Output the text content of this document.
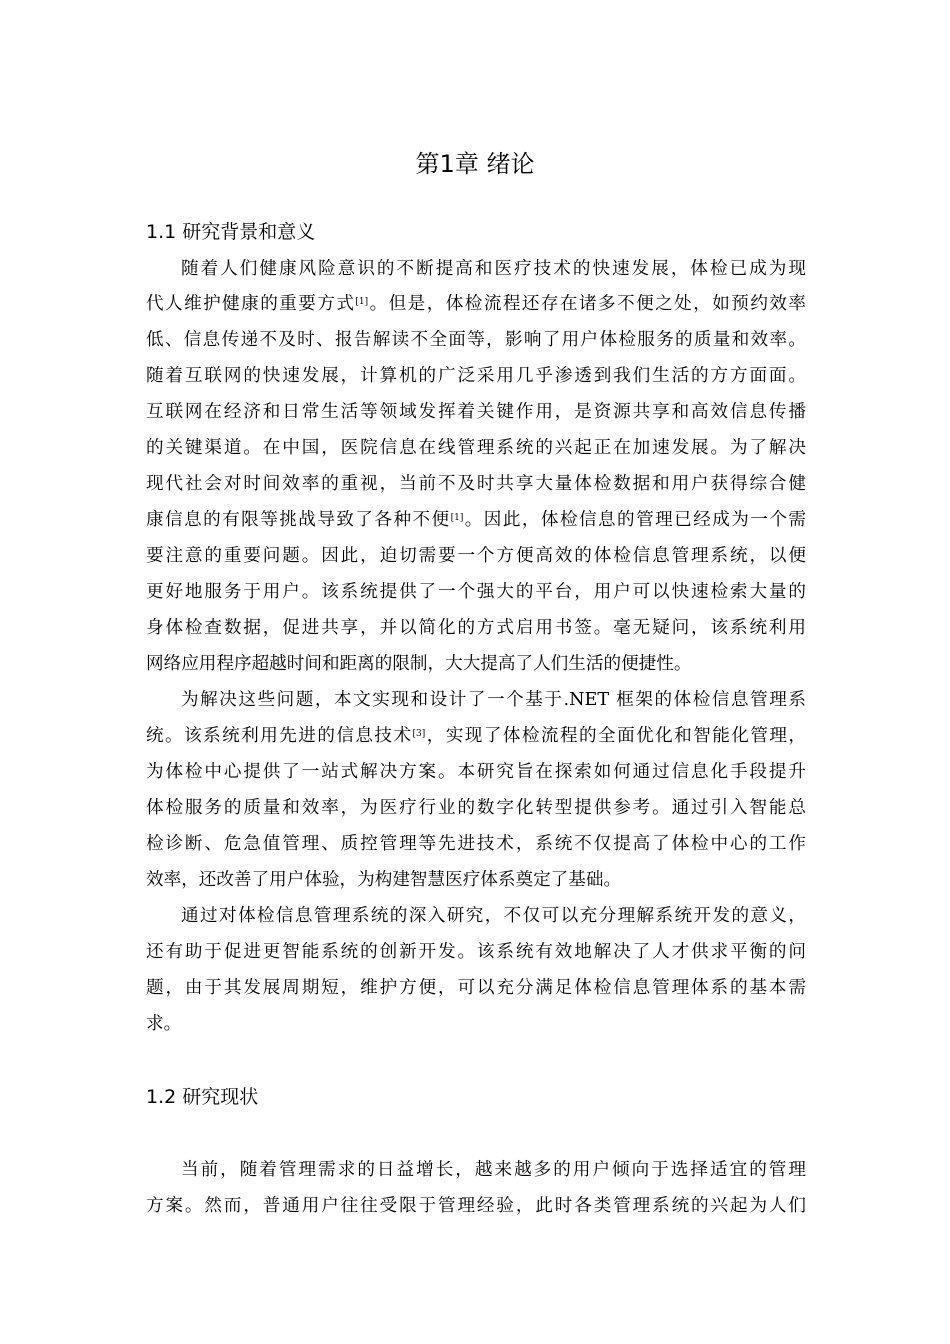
第1章 绪论
1.1 研究背景和意义
随着人们健康风险意识的不断提高和医疗技术的快速发展，体检已成为现
代人维护健康的重要方式[1]。但是，体检流程还存在诸多不便之处，如预约效率
低、信息传递不及时、报告解读不全面等，影响了用户体检服务的质量和效率。
随着互联网的快速发展，计算机的广泛采用几乎渗透到我们生活的方方面面。
互联网在经济和日常生活等领域发挥着关键作用，是资源共享和高效信息传播
的关键渠道。在中国，医院信息在线管理系统的兴起正在加速发展。为了解决
现代社会对时间效率的重视，当前不及时共享大量体检数据和用户获得综合健
康信息的有限等挑战导致了各种不便[1]。因此，体检信息的管理已经成为一个需
要注意的重要问题。因此，迫切需要一个方便高效的体检信息管理系统，以便
更好地服务于用户。该系统提供了一个强大的平台，用户可以快速检索大量的
身体检查数据，促进共享，并以简化的方式启用书签。毫无疑问，该系统利用
网络应用程序超越时间和距离的限制，大大提高了人们生活的便捷性。
为解决这些问题，本文实现和设计了一个基于.NET 框架的体检信息管理系
统。该系统利用先进的信息技术[3]，实现了体检流程的全面优化和智能化管理，
为体检中心提供了一站式解决方案。本研究旨在探索如何通过信息化手段提升
体检服务的质量和效率，为医疗行业的数字化转型提供参考。通过引入智能总
检诊断、危急值管理、质控管理等先进技术，系统不仅提高了体检中心的工作
效率，还改善了用户体验，为构建智慧医疗体系奠定了基础。
通过对体检信息管理系统的深入研究，不仅可以充分理解系统开发的意义，
还有助于促进更智能系统的创新开发。该系统有效地解决了人才供求平衡的问
题，由于其发展周期短，维护方便，可以充分满足体检信息管理体系的基本需
求。
1.2 研究现状
当前，随着管理需求的日益增长，越来越多的用户倾向于选择适宜的管理
方案。然而，普通用户往往受限于管理经验，此时各类管理系统的兴起为人们
